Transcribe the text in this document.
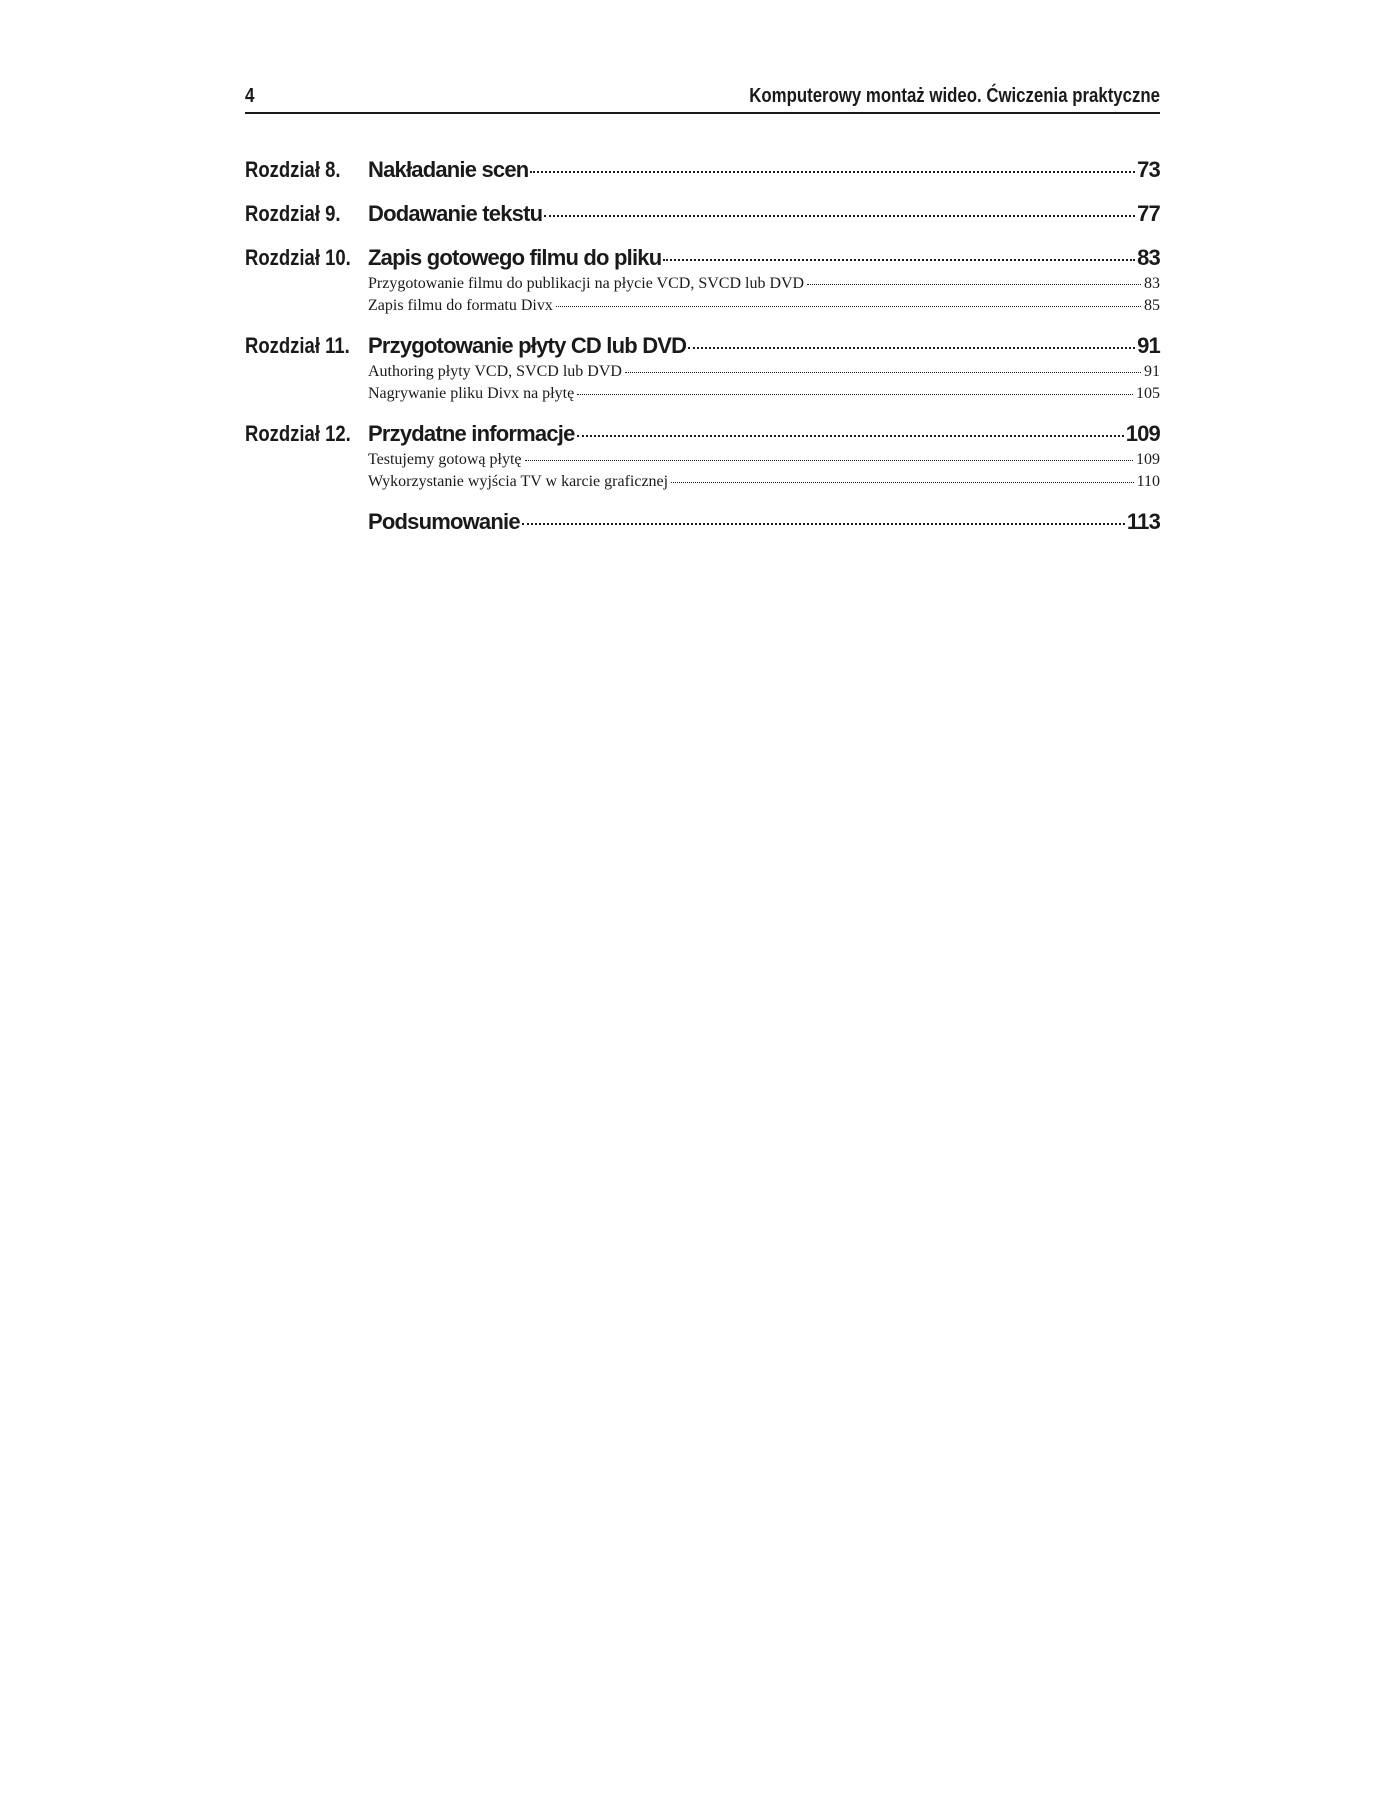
4	Komputerowy montaż wideo. Ćwiczenia praktyczne
Rozdział 8.	Nakładanie scen	73
Rozdział 9.	Dodawanie tekstu	77
Rozdział 10. Zapis gotowego filmu do pliku	83
Przygotowanie filmu do publikacji na płycie VCD, SVCD lub DVD	83
Zapis filmu do formatu Divx	85
Rozdział 11. Przygotowanie płyty CD lub DVD	91
Authoring płyty VCD, SVCD lub DVD	91
Nagrywanie pliku Divx na płytę	105
Rozdział 12. Przydatne informacje	109
Testujemy gotową płytę	109
Wykorzystanie wyjścia TV w karcie graficznej	110
Podsumowanie	113
